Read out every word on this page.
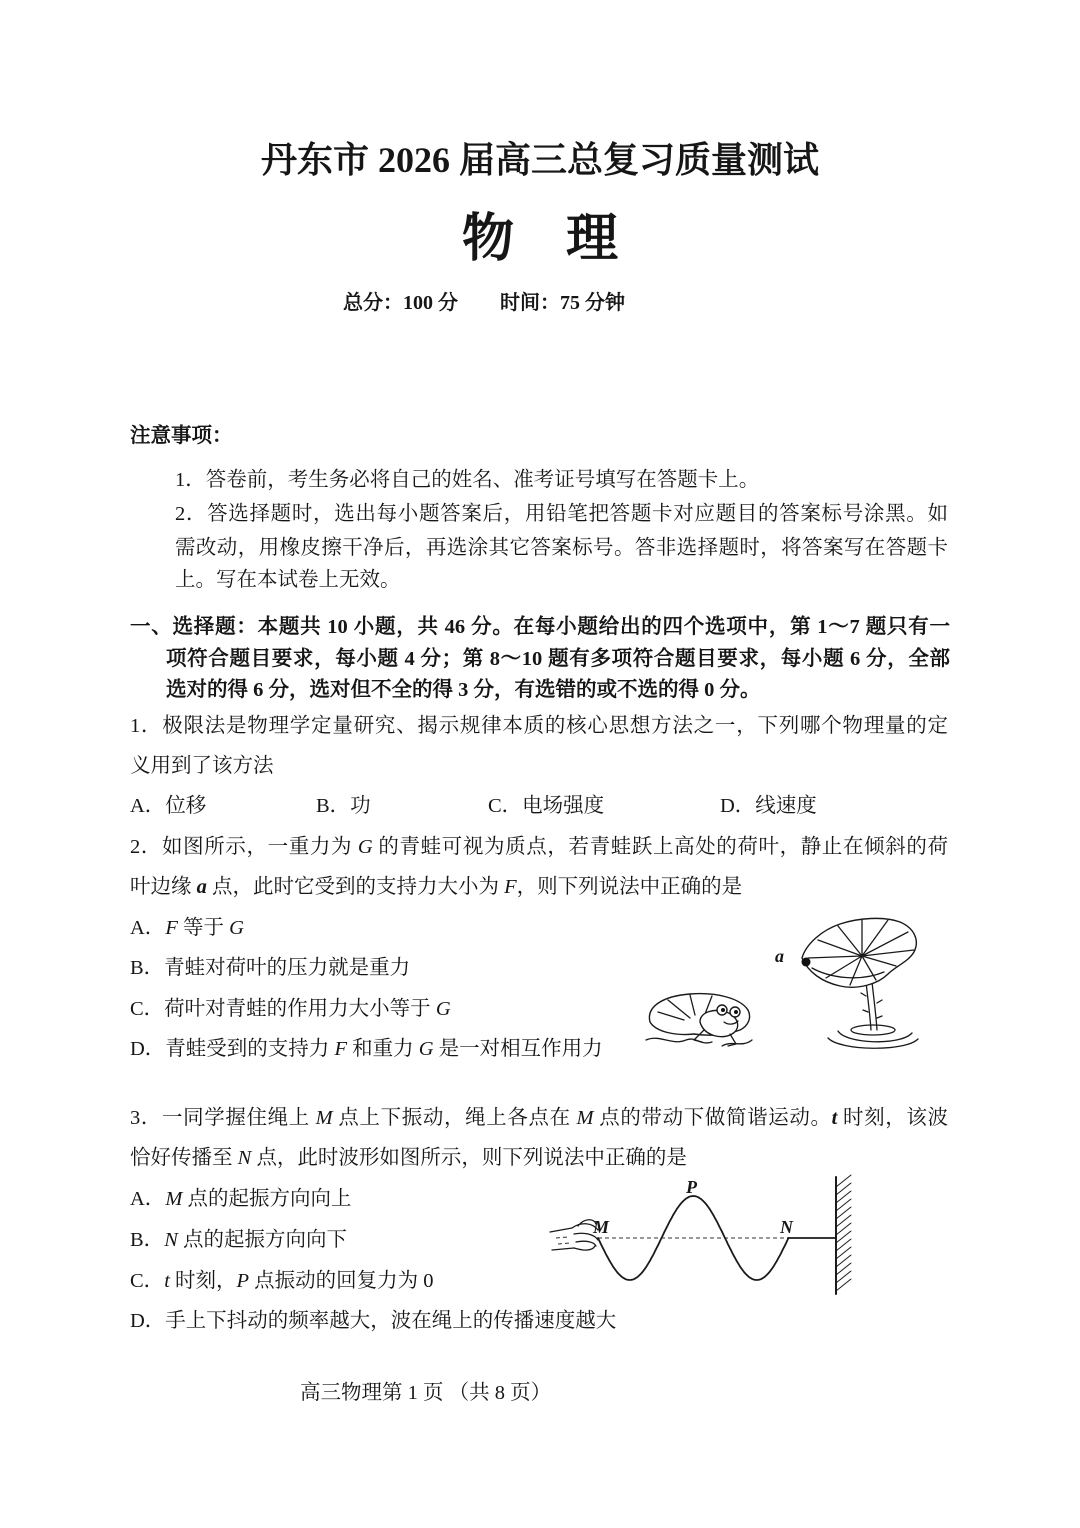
丹东市 2026 届高三总复习质量测试
物　理
总分：100 分 时间：75 分钟
注意事项：
1．答卷前，考生务必将自己的姓名、准考证号填写在答题卡上。
2．答选择题时，选出每小题答案后，用铅笔把答题卡对应题目的答案标号涂黑。如
需改动，用橡皮擦干净后，再选涂其它答案标号。答非选择题时，将答案写在答题卡
上。写在本试卷上无效。
一、选择题：本题共 10 小题，共 46 分。在每小题给出的四个选项中，第 1～7 题只有一
项符合题目要求，每小题 4 分；第 8～10 题有多项符合题目要求，每小题 6 分，全部
选对的得 6 分，选对但不全的得 3 分，有选错的或不选的得 0 分。
1．极限法是物理学定量研究、揭示规律本质的核心思想方法之一，下列哪个物理量的定
义用到了该方法
A．位移	B．功	C．电场强度	D．线速度
2．如图所示，一重力为 G 的青蛙可视为质点，若青蛙跃上高处的荷叶，静止在倾斜的荷
叶边缘 a 点，此时它受到的支持力大小为 F，则下列说法中正确的是
A．F 等于 G
B．青蛙对荷叶的压力就是重力
C．荷叶对青蛙的作用力大小等于 G
D．青蛙受到的支持力 F 和重力 G 是一对相互作用力
a
3．一同学握住绳上 M 点上下振动，绳上各点在 M 点的带动下做简谐运动。t 时刻，该波
恰好传播至 N 点，此时波形如图所示，则下列说法中正确的是
A．M 点的起振方向向上
B．N 点的起振方向向下
C．t 时刻，P 点振动的回复力为 0
D．手上下抖动的频率越大，波在绳上的传播速度越大
M	N
P
高三物理第 1 页 （共 8 页）
